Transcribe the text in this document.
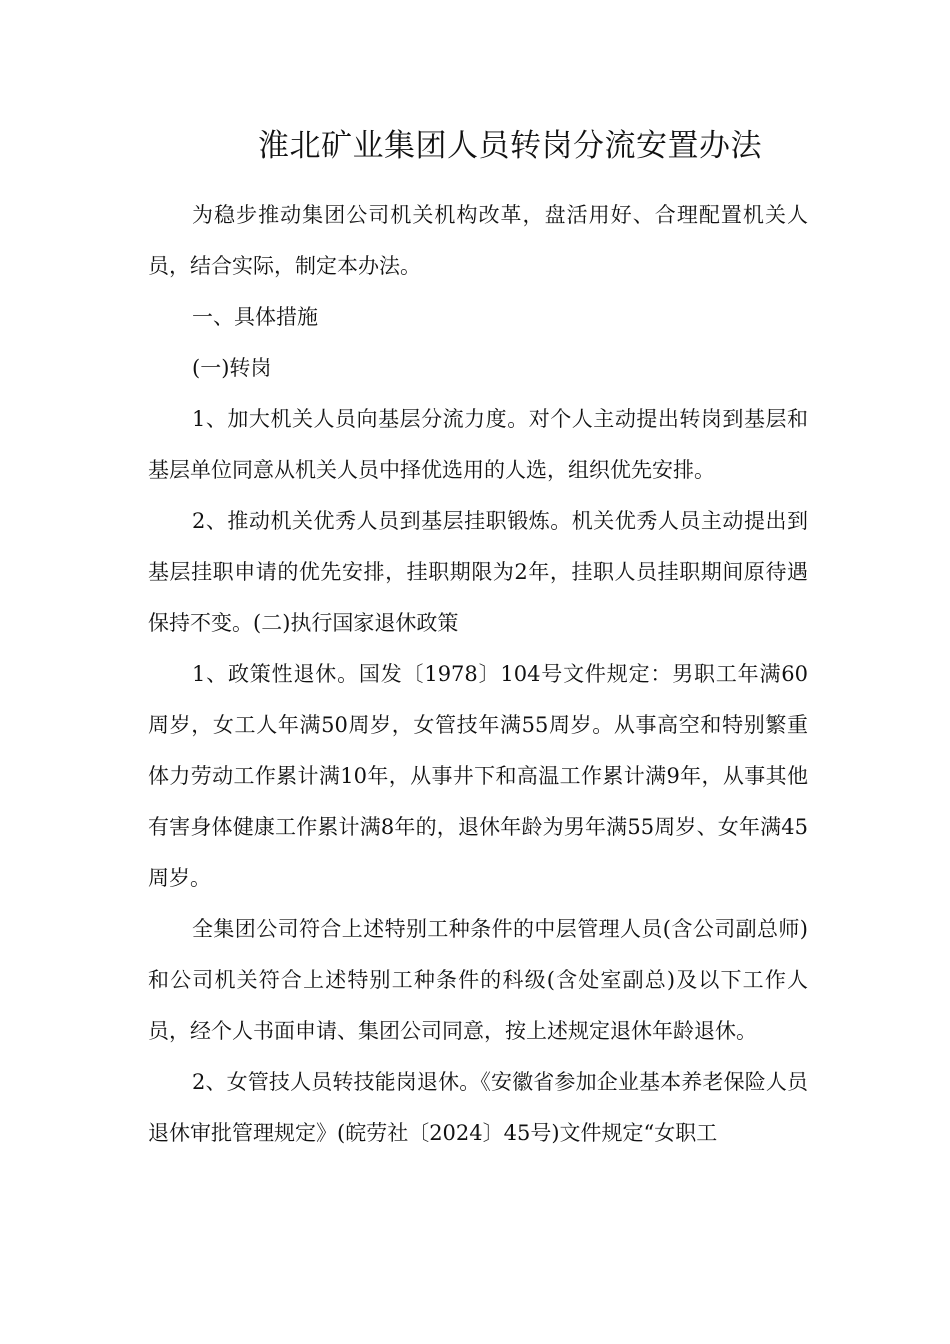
淮北矿业集团人员转岗分流安置办法

为稳步推动集团公司机关机构改革，盘活用好、合理配置机关人员，结合实际，制定本办法。

一、具体措施

(一)转岗

1、加大机关人员向基层分流力度。对个人主动提出转岗到基层和基层单位同意从机关人员中择优选用的人选，组织优先安排。

2、推动机关优秀人员到基层挂职锻炼。机关优秀人员主动提出到基层挂职申请的优先安排，挂职期限为2年，挂职人员挂职期间原待遇保持不变。(二)执行国家退休政策

1、政策性退休。国发〔1978〕104号文件规定：男职工年满60周岁，女工人年满50周岁，女管技年满55周岁。从事高空和特别繁重体力劳动工作累计满10年，从事井下和高温工作累计满9年，从事其他有害身体健康工作累计满8年的，退休年龄为男年满55周岁、女年满45周岁。

全集团公司符合上述特别工种条件的中层管理人员(含公司副总师)和公司机关符合上述特别工种条件的科级(含处室副总)及以下工作人员，经个人书面申请、集团公司同意，按上述规定退休年龄退休。

2、女管技人员转技能岗退休。《安徽省参加企业基本养老保险人员退休审批管理规定》(皖劳社〔2024〕45号)文件规定“女职工
